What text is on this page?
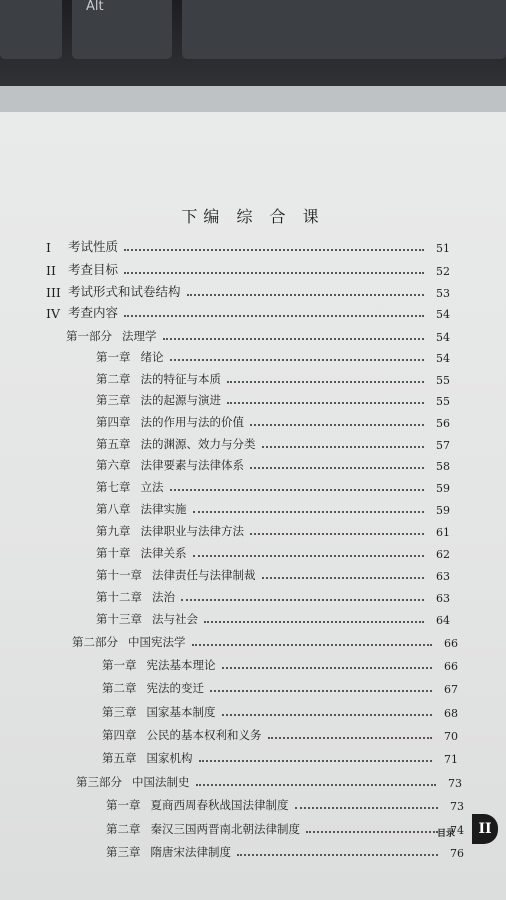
Alt
下编 综 合 课
I	考试性质	51
II 考查目标	52
III 考试形式和试卷结构	53
IV 考查内容	54
第一部分 法理学	54
第一章 绪论	54
第二章 法的特征与本质	55
第三章 法的起源与演进	55
第四章 法的作用与法的价值	56
第五章 法的渊源、效力与分类	57
第六章 法律要素与法律体系	58
第七章 立法	59
第八章 法律实施	59
第九章 法律职业与法律方法	61
第十章 法律关系	62
第十一章 法律责任与法律制裁	63
第十二章 法治	63
第十三章 法与社会	64
第二部分 中国宪法学	66
第一章 宪法基本理论	66
第二章 宪法的变迁	67
第三章 国家基本制度	68
第四章 公民的基本权利和义务	70
第五章 国家机构	71
第三部分 中国法制史	73
第一章 夏商西周春秋战国法律制度	73
第二章 秦汉三国两晋南北朝法律制度	74
第三章 隋唐宋法律制度	76
目录	II
